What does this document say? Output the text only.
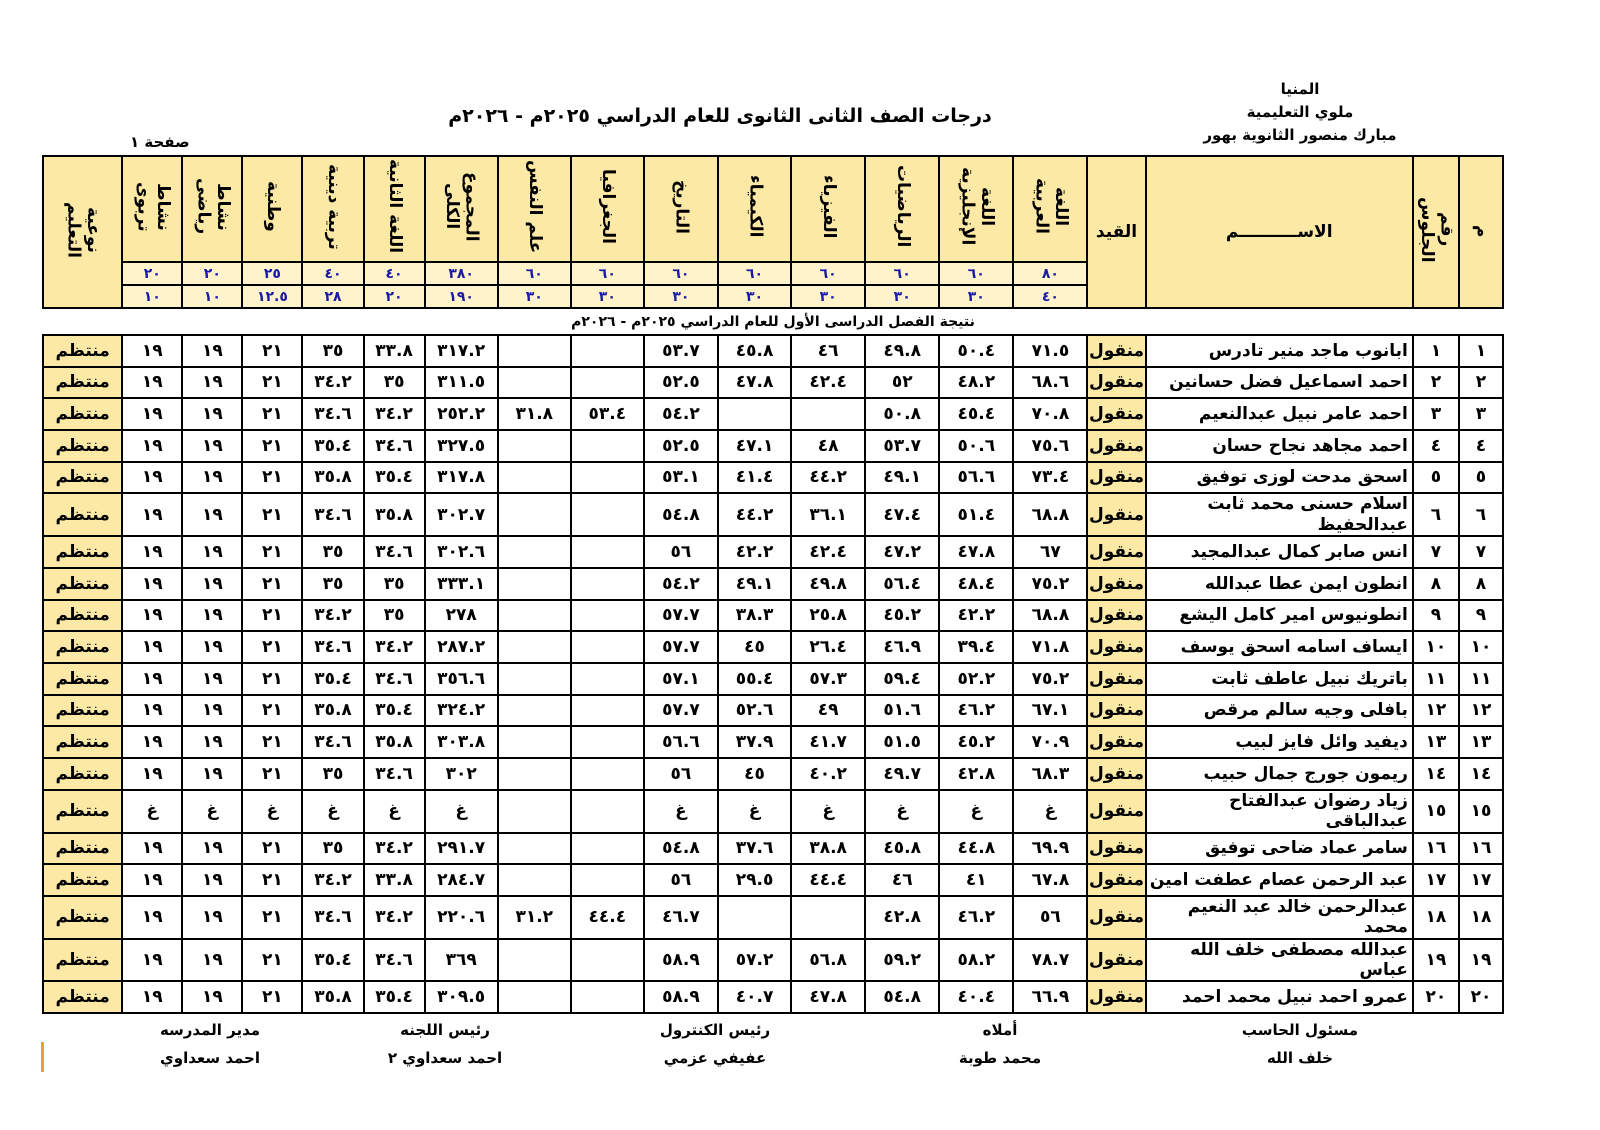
المنيا
ملوي التعليمية
مبارك منصور الثانوية بهور
درجات الصف الثانى الثانوى للعام الدراسي ٢٠٢٥م - ٢٠٢٦م
صفحة ١
م	رقم الجلوس	الاســــــــــم	القيد	اللغة العربية	اللغة الإنجليزية	الرياضيات	الفيزياء	الكيمياء	التاريخ	الجغرافيا	علم النفس	المجموع الكلى	اللغة الثانية	تربية دينية	وطنية	نشاط رياضى	نشاط تربوى	نوعية التعليم
				٨٠	٦٠	٦٠	٦٠	٦٠	٦٠	٦٠	٦٠	٣٨٠	٤٠	٤٠	٢٥	٢٠	٢٠	
				٤٠	٣٠	٣٠	٣٠	٣٠	٣٠	٣٠	٣٠	١٩٠	٢٠	٢٨	١٢.٥	١٠	١٠	
نتيجة الفصل الدراسى الأول للعام الدراسي ٢٠٢٥م - ٢٠٢٦م
١	١	ابانوب ماجد منير تادرس	منقول	٧١.٥	٥٠.٤	٤٩.٨	٤٦	٤٥.٨	٥٣.٧			٣١٧.٢	٣٣.٨	٣٥	٢١	١٩	١٩	منتظم
٢	٢	احمد اسماعيل فضل حسانين	منقول	٦٨.٦	٤٨.٢	٥٢	٤٢.٤	٤٧.٨	٥٢.٥			٣١١.٥	٣٥	٣٤.٢	٢١	١٩	١٩	منتظم
٣	٣	احمد عامر نبيل عبدالنعيم	منقول	٧٠.٨	٤٥.٤	٥٠.٨			٥٤.٢	٥٣.٤	٣١.٨	٢٥٢.٢	٣٤.٢	٣٤.٦	٢١	١٩	١٩	منتظم
٤	٤	احمد مجاهد نجاح حسان	منقول	٧٥.٦	٥٠.٦	٥٣.٧	٤٨	٤٧.١	٥٢.٥			٣٢٧.٥	٣٤.٦	٣٥.٤	٢١	١٩	١٩	منتظم
٥	٥	اسحق مدحت لوزى توفيق	منقول	٧٣.٤	٥٦.٦	٤٩.١	٤٤.٢	٤١.٤	٥٣.١			٣١٧.٨	٣٥.٤	٣٥.٨	٢١	١٩	١٩	منتظم
٦	٦	اسلام حسنى محمد ثابت عبدالحفيظ	منقول	٦٨.٨	٥١.٤	٤٧.٤	٣٦.١	٤٤.٢	٥٤.٨			٣٠٢.٧	٣٥.٨	٣٤.٦	٢١	١٩	١٩	منتظم
٧	٧	انس صابر كمال عبدالمجيد	منقول	٦٧	٤٧.٨	٤٧.٢	٤٢.٤	٤٢.٢	٥٦			٣٠٢.٦	٣٤.٦	٣٥	٢١	١٩	١٩	منتظم
٨	٨	انطون ايمن عطا عبدالله	منقول	٧٥.٢	٤٨.٤	٥٦.٤	٤٩.٨	٤٩.١	٥٤.٢			٣٣٣.١	٣٥	٣٥	٢١	١٩	١٩	منتظم
٩	٩	انطونيوس امير كامل اليشع	منقول	٦٨.٨	٤٢.٢	٤٥.٢	٢٥.٨	٣٨.٣	٥٧.٧			٢٧٨	٣٥	٣٤.٢	٢١	١٩	١٩	منتظم
١٠	١٠	ايساف اسامه اسحق يوسف	منقول	٧١.٨	٣٩.٤	٤٦.٩	٢٦.٤	٤٥	٥٧.٧			٢٨٧.٢	٣٤.٢	٣٤.٦	٢١	١٩	١٩	منتظم
١١	١١	باتريك نبيل عاطف ثابت	منقول	٧٥.٢	٥٢.٢	٥٩.٤	٥٧.٣	٥٥.٤	٥٧.١			٣٥٦.٦	٣٤.٦	٣٥.٤	٢١	١٩	١٩	منتظم
١٢	١٢	بافلى وجيه سالم مرقص	منقول	٦٧.١	٤٦.٢	٥١.٦	٤٩	٥٢.٦	٥٧.٧			٣٢٤.٢	٣٥.٤	٣٥.٨	٢١	١٩	١٩	منتظم
١٣	١٣	ديفيد وائل فايز لبيب	منقول	٧٠.٩	٤٥.٢	٥١.٥	٤١.٧	٣٧.٩	٥٦.٦			٣٠٣.٨	٣٥.٨	٣٤.٦	٢١	١٩	١٩	منتظم
١٤	١٤	ريمون جورج جمال حبيب	منقول	٦٨.٣	٤٢.٨	٤٩.٧	٤٠.٢	٤٥	٥٦			٣٠٢	٣٤.٦	٣٥	٢١	١٩	١٩	منتظم
١٥	١٥	زياد رضوان عبدالفتاح عبدالباقى	منقول	غ	غ	غ	غ	غ	غ			غ	غ	غ	غ	غ	غ	منتظم
١٦	١٦	سامر عماد ضاحى توفيق	منقول	٦٩.٩	٤٤.٨	٤٥.٨	٣٨.٨	٣٧.٦	٥٤.٨			٢٩١.٧	٣٤.٢	٣٥	٢١	١٩	١٩	منتظم
١٧	١٧	عبد الرحمن عصام عطفت امين	منقول	٦٧.٨	٤١	٤٦	٤٤.٤	٢٩.٥	٥٦			٢٨٤.٧	٣٣.٨	٣٤.٢	٢١	١٩	١٩	منتظم
١٨	١٨	عبدالرحمن خالد عبد النعيم محمد	منقول	٥٦	٤٦.٢	٤٢.٨			٤٦.٧	٤٤.٤	٣١.٢	٢٢٠.٦	٣٤.٢	٣٤.٦	٢١	١٩	١٩	منتظم
١٩	١٩	عبدالله مصطفى خلف الله عباس	منقول	٧٨.٧	٥٨.٢	٥٩.٢	٥٦.٨	٥٧.٢	٥٨.٩			٣٦٩	٣٤.٦	٣٥.٤	٢١	١٩	١٩	منتظم
٢٠	٢٠	عمرو احمد نبيل محمد احمد	منقول	٦٦.٩	٤٠.٤	٥٤.٨	٤٧.٨	٤٠.٧	٥٨.٩			٣٠٩.٥	٣٥.٤	٣٥.٨	٢١	١٩	١٩	منتظم
مسئول الحاسب
خلف الله
أملاه
محمد طوبة
رئيس الكنترول
عفيفي عزمي
رئيس اللجنه
احمد سعداوي ٢
مدير المدرسه
احمد سعداوي
